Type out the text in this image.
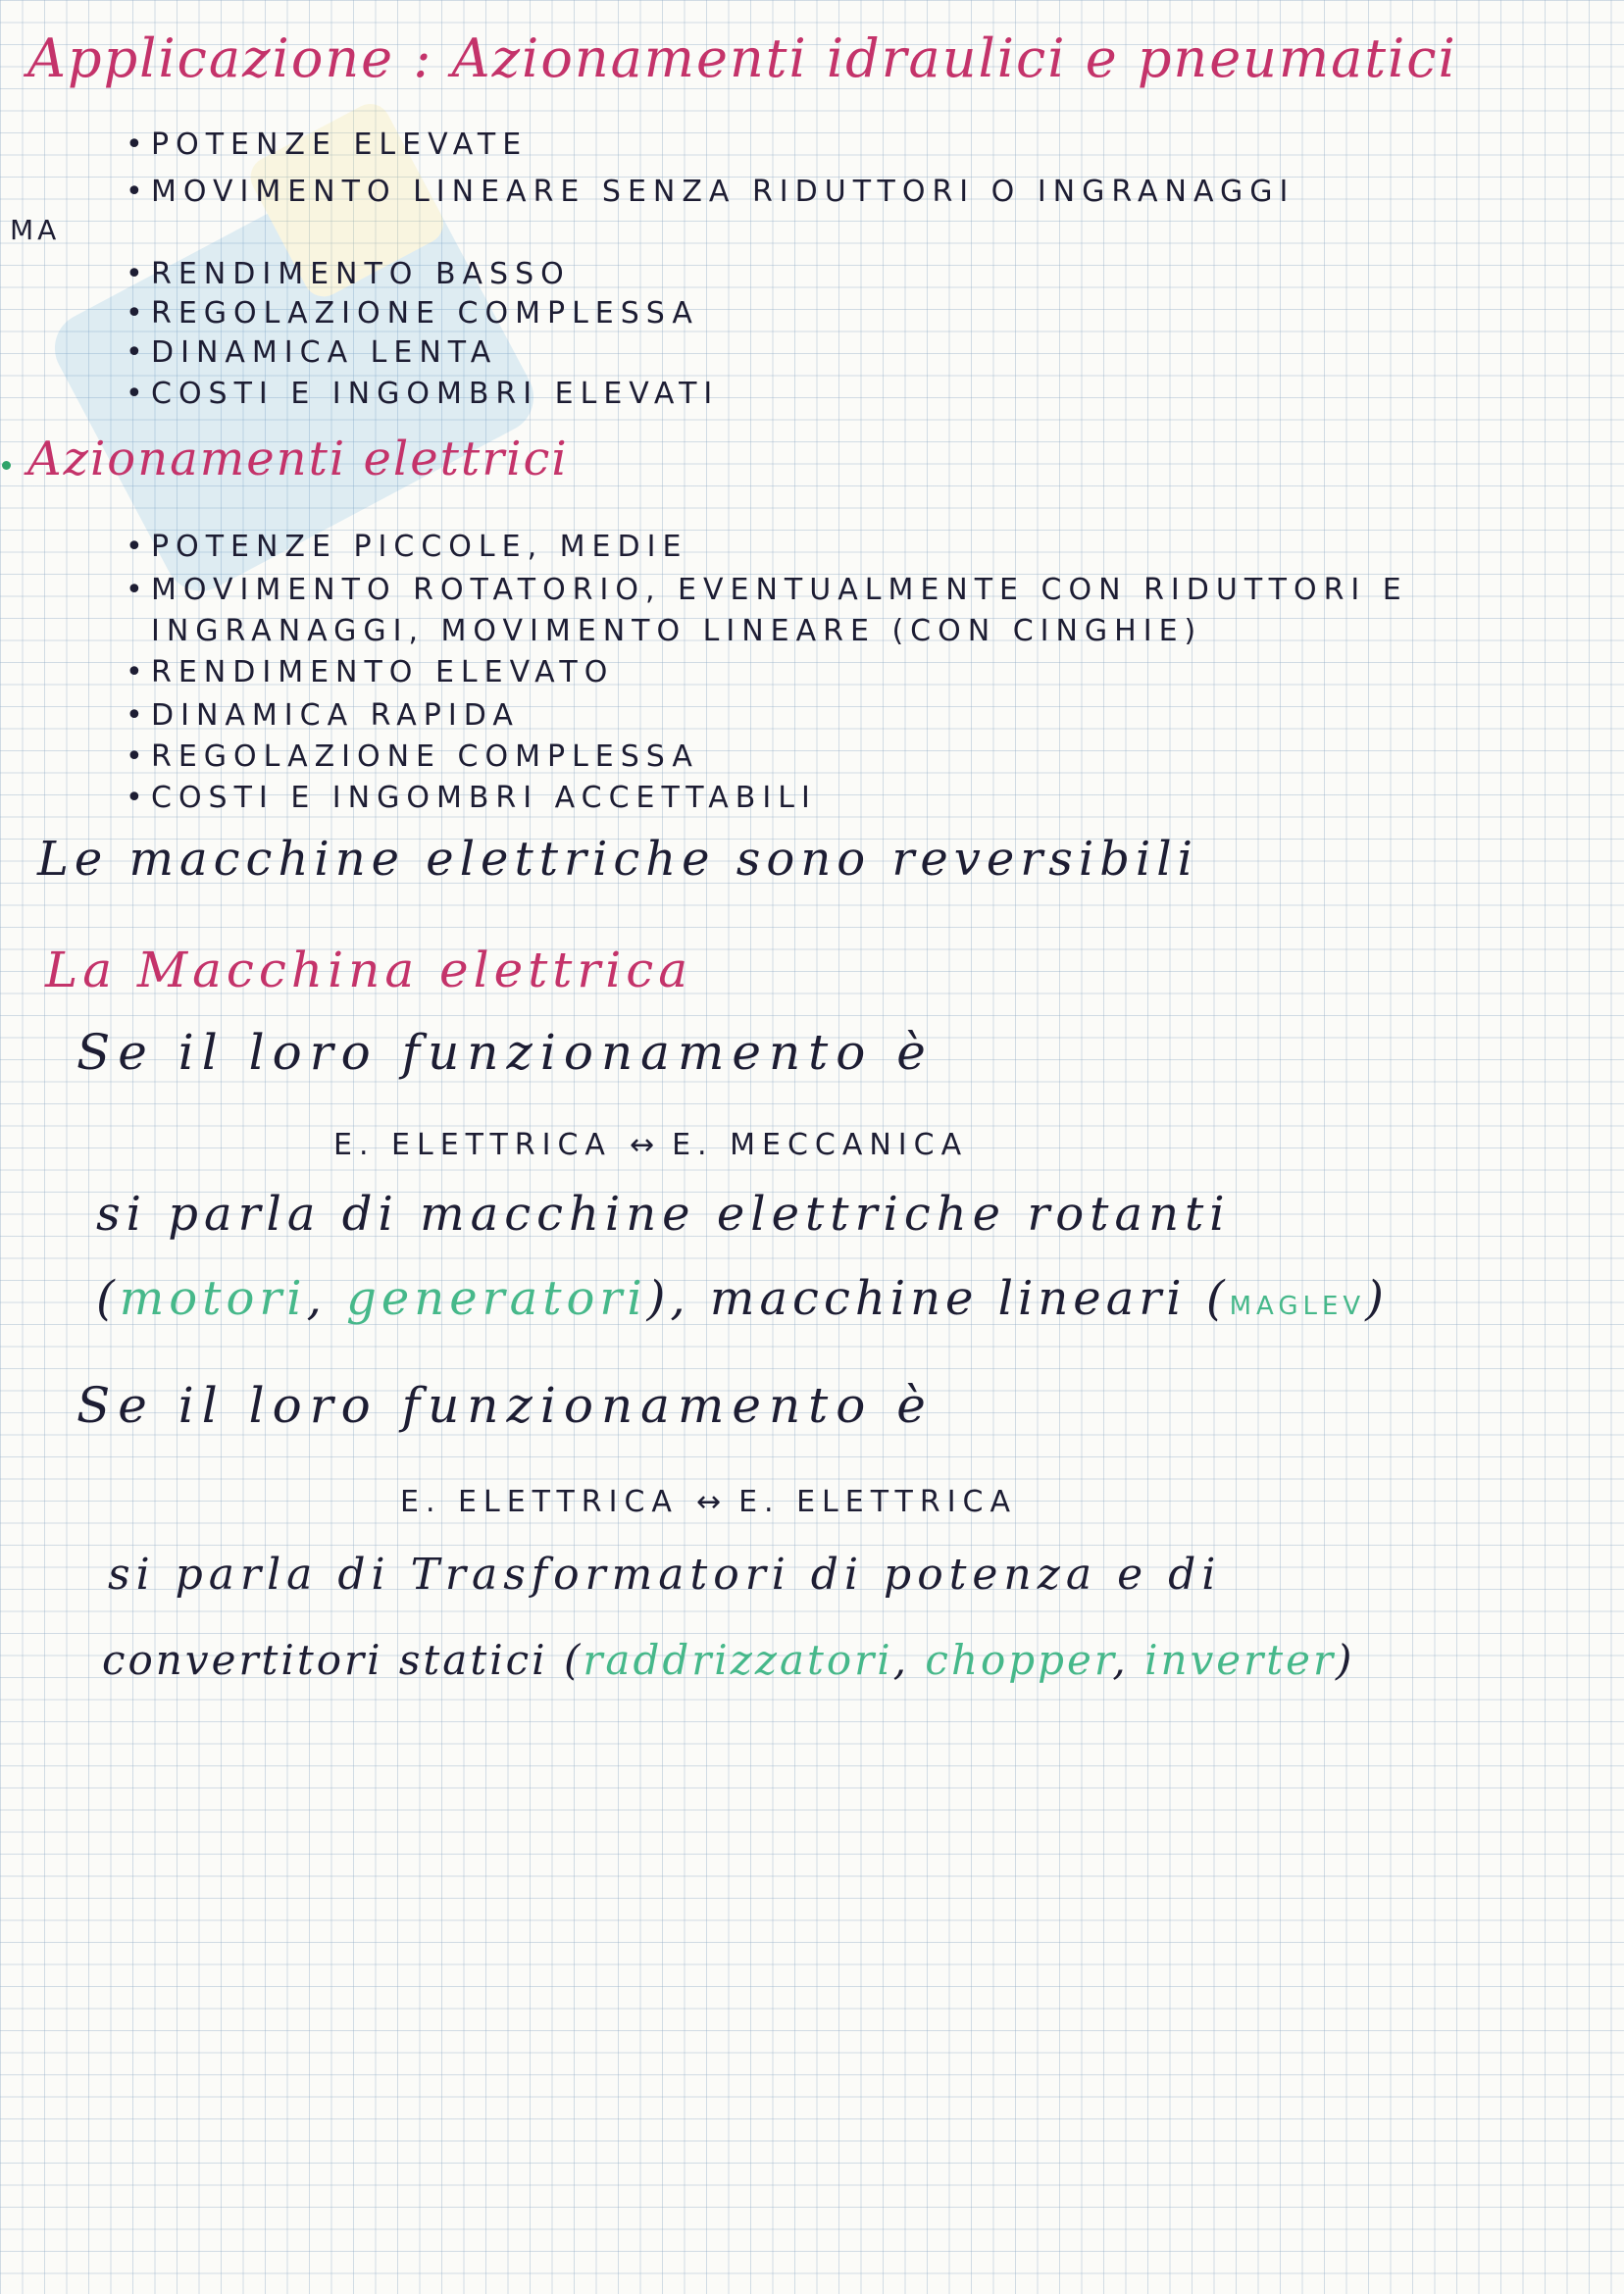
Applicazione : Azionamenti idraulici e pneumatici
• POTENZE ELEVATE
• MOVIMENTO LINEARE SENZA RIDUTTORI O INGRANAGGI
MA
• RENDIMENTO BASSO
• REGOLAZIONE COMPLESSA
• DINAMICA LENTA
• COSTI E INGOMBRI ELEVATI
Azionamenti elettrici
• POTENZE PICCOLE, MEDIE
• MOVIMENTO ROTATORIO, EVENTUALMENTE CON RIDUTTORI E
INGRANAGGI, MOVIMENTO LINEARE (CON CINGHIE)
• RENDIMENTO ELEVATO
• DINAMICA RAPIDA
• REGOLAZIONE COMPLESSA
• COSTI E INGOMBRI ACCETTABILI
Le macchine elettriche sono reversibili
La Macchina elettrica
Se il loro funzionamento è
E. ELETTRICA ↔ E. MECCANICA
si parla di macchine elettriche rotanti
(motori, generatori), macchine lineari (MAGLEV)
Se il loro funzionamento è
E. ELETTRICA ↔ E. ELETTRICA
si parla di Trasformatori di potenza e di
convertitori statici (raddrizzatori, chopper, inverter)
